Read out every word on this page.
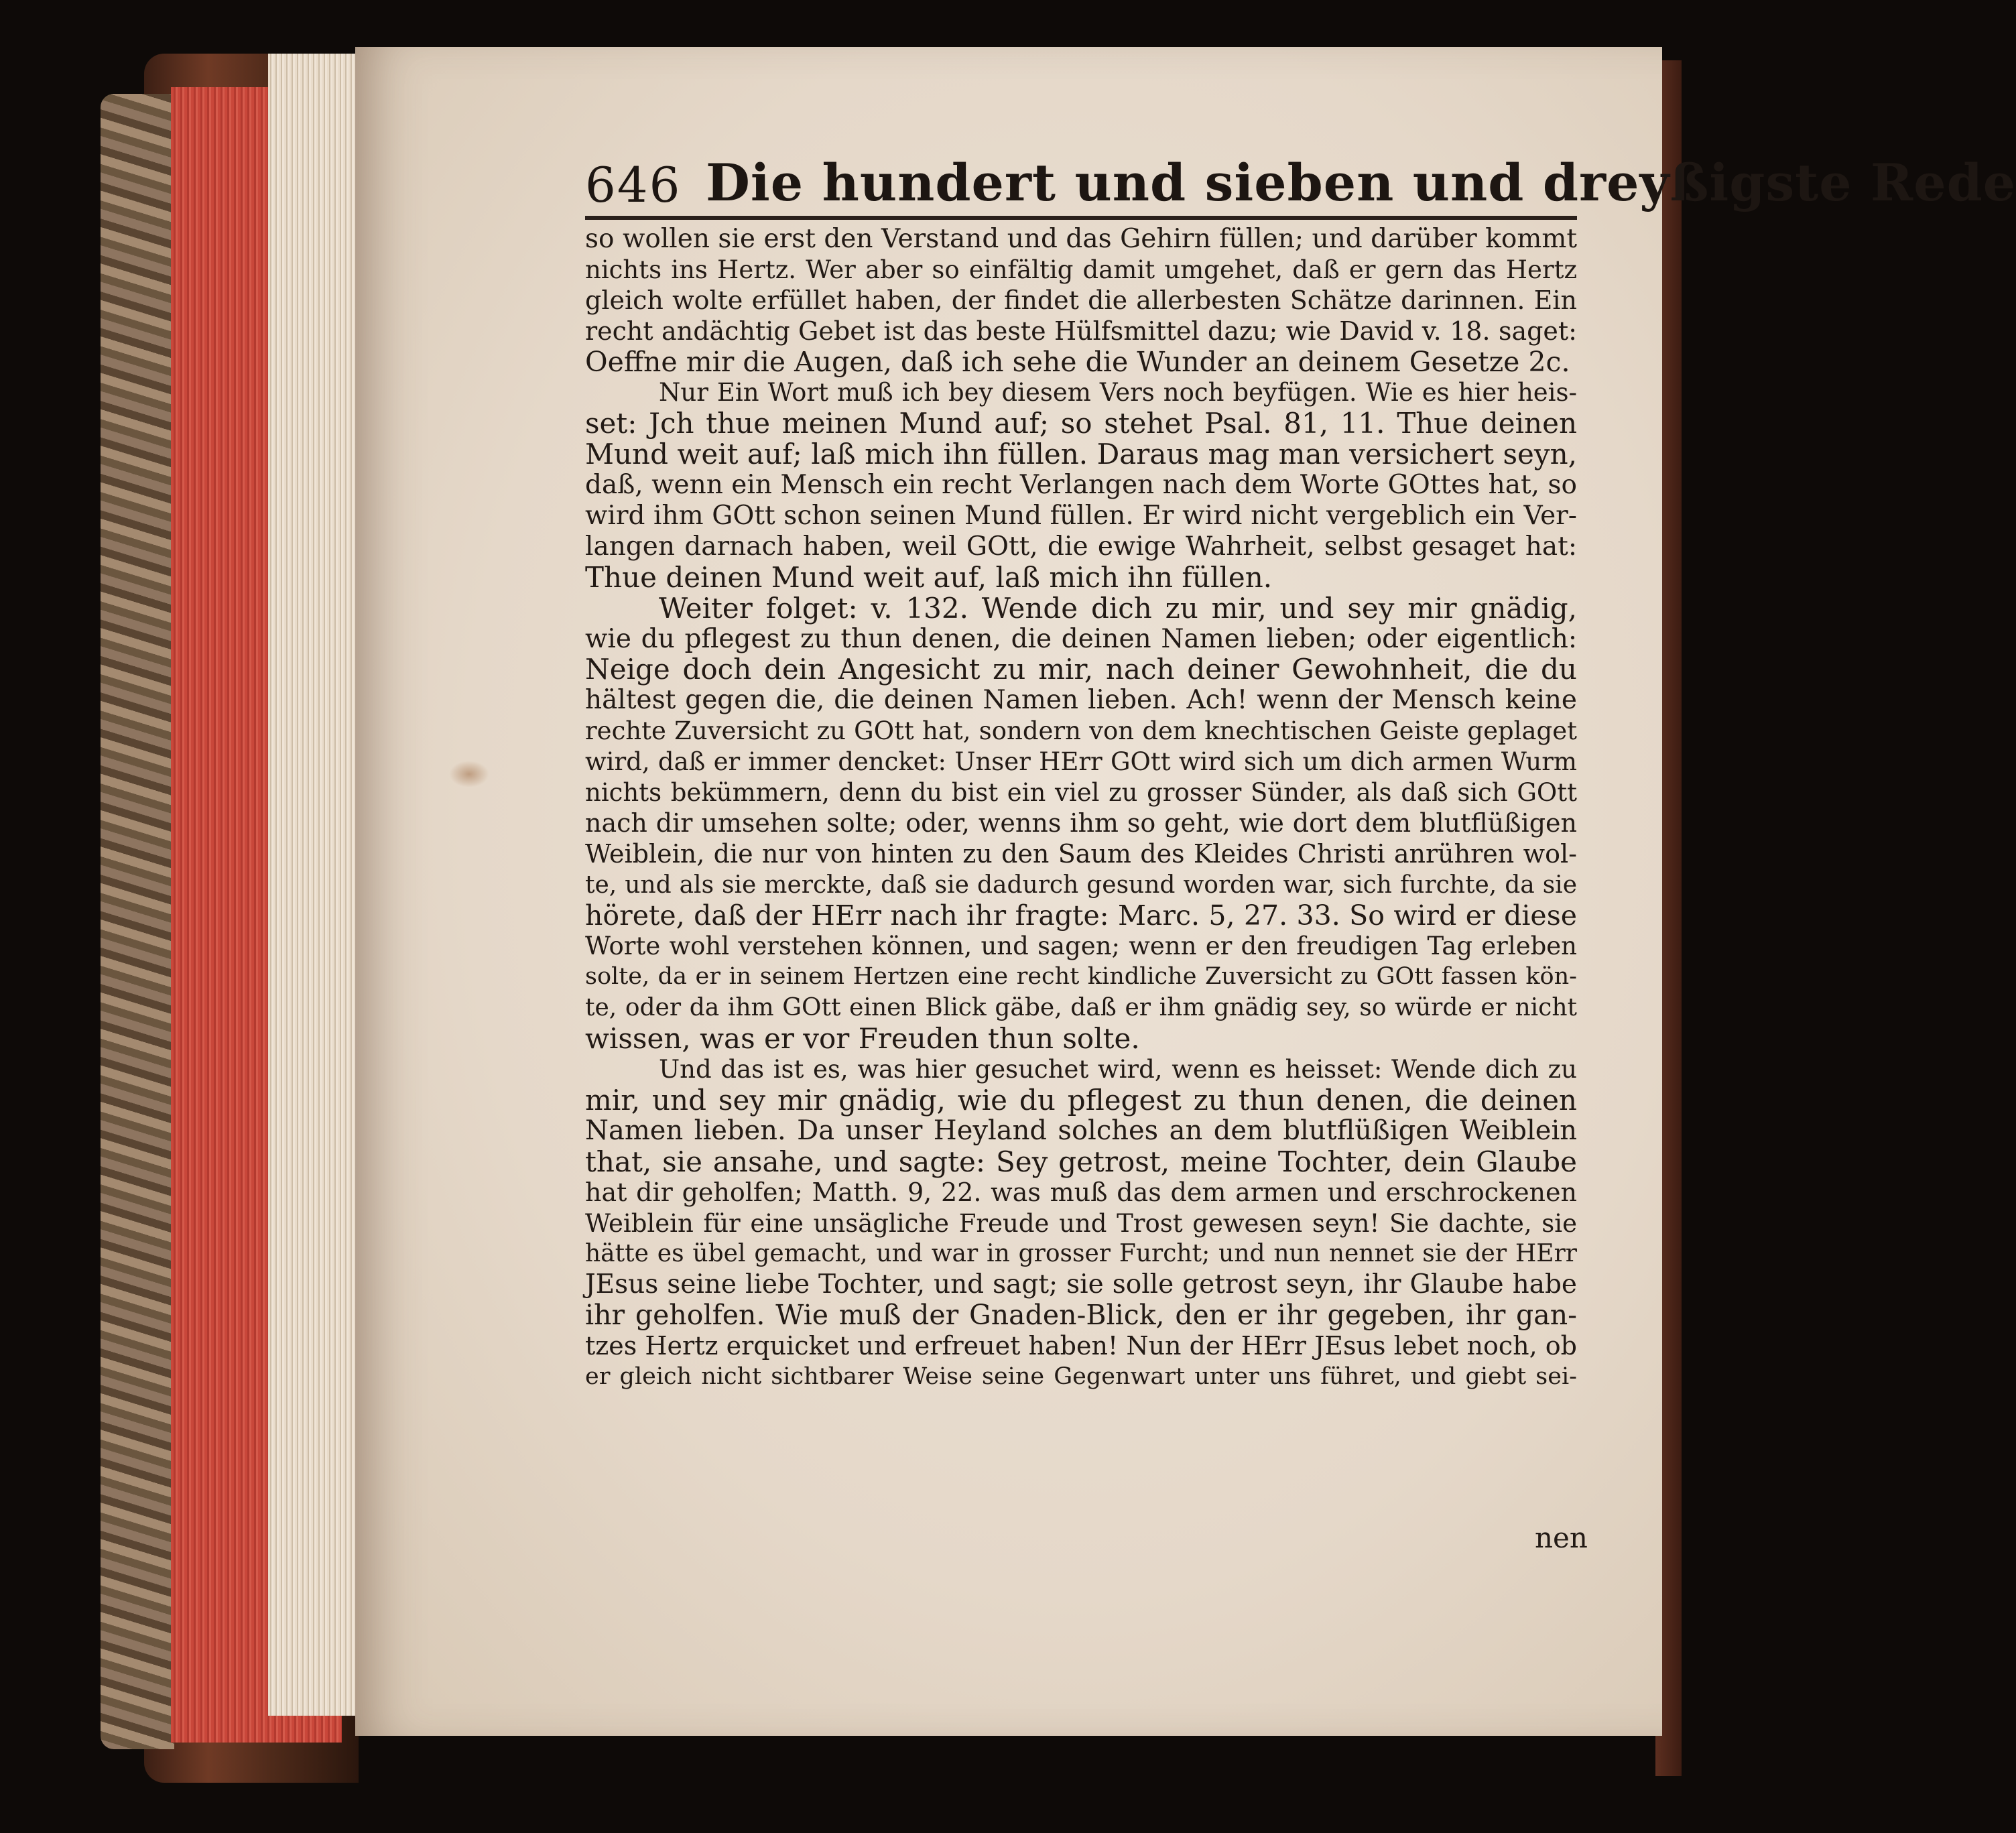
646 Die hundert und sieben und dreyßigste Rede
so wollen sie erst den Verstand und das Gehirn füllen; und darüber kommt
nichts ins Hertz. Wer aber so einfältig damit umgehet, daß er gern das Hertz
gleich wolte erfüllet haben, der findet die allerbesten Schätze darinnen. Ein
recht andächtig Gebet ist das beste Hülfsmittel dazu; wie David v. 18. saget:
Oeffne mir die Augen, daß ich sehe die Wunder an deinem Gesetze 2c.
Nur Ein Wort muß ich bey diesem Vers noch beyfügen. Wie es hier heis-
set: Jch thue meinen Mund auf; so stehet Psal. 81, 11. Thue deinen
Mund weit auf; laß mich ihn füllen. Daraus mag man versichert seyn,
daß, wenn ein Mensch ein recht Verlangen nach dem Worte GOttes hat, so
wird ihm GOtt schon seinen Mund füllen. Er wird nicht vergeblich ein Ver-
langen darnach haben, weil GOtt, die ewige Wahrheit, selbst gesaget hat:
Thue deinen Mund weit auf, laß mich ihn füllen.
Weiter folget: v. 132. Wende dich zu mir, und sey mir gnädig,
wie du pflegest zu thun denen, die deinen Namen lieben; oder eigentlich:
Neige doch dein Angesicht zu mir, nach deiner Gewohnheit, die du
hältest gegen die, die deinen Namen lieben. Ach! wenn der Mensch keine
rechte Zuversicht zu GOtt hat, sondern von dem knechtischen Geiste geplaget
wird, daß er immer dencket: Unser HErr GOtt wird sich um dich armen Wurm
nichts bekümmern, denn du bist ein viel zu grosser Sünder, als daß sich GOtt
nach dir umsehen solte; oder, wenns ihm so geht, wie dort dem blutflüßigen
Weiblein, die nur von hinten zu den Saum des Kleides Christi anrühren wol-
te, und als sie merckte, daß sie dadurch gesund worden war, sich furchte, da sie
hörete, daß der HErr nach ihr fragte: Marc. 5, 27. 33. So wird er diese
Worte wohl verstehen können, und sagen; wenn er den freudigen Tag erleben
solte, da er in seinem Hertzen eine recht kindliche Zuversicht zu GOtt fassen kön-
te, oder da ihm GOtt einen Blick gäbe, daß er ihm gnädig sey, so würde er nicht
wissen, was er vor Freuden thun solte.
Und das ist es, was hier gesuchet wird, wenn es heisset: Wende dich zu
mir, und sey mir gnädig, wie du pflegest zu thun denen, die deinen
Namen lieben. Da unser Heyland solches an dem blutflüßigen Weiblein
that, sie ansahe, und sagte: Sey getrost, meine Tochter, dein Glaube
hat dir geholfen; Matth. 9, 22. was muß das dem armen und erschrockenen
Weiblein für eine unsägliche Freude und Trost gewesen seyn! Sie dachte, sie
hätte es übel gemacht, und war in grosser Furcht; und nun nennet sie der HErr
JEsus seine liebe Tochter, und sagt; sie solle getrost seyn, ihr Glaube habe
ihr geholfen. Wie muß der Gnaden-Blick, den er ihr gegeben, ihr gan-
tzes Hertz erquicket und erfreuet haben! Nun der HErr JEsus lebet noch, ob
er gleich nicht sichtbarer Weise seine Gegenwart unter uns führet, und giebt sei-
nen
